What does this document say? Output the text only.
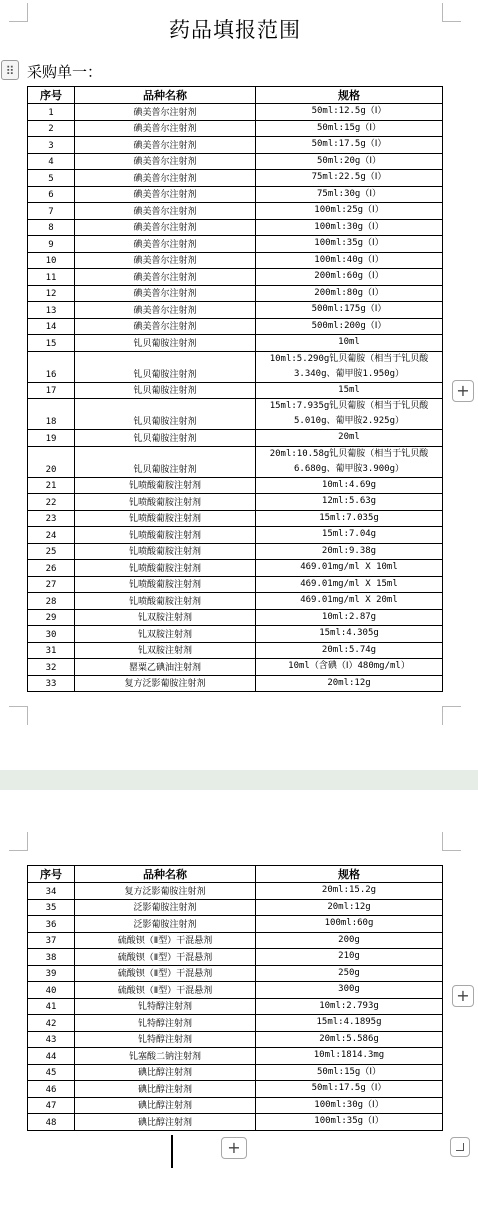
药品填报范围
⠿ 采购单一：
序号	品种名称	规格
1	碘美普尔注射剂	50ml:12.5g（Ⅰ）
2	碘美普尔注射剂	50ml:15g（Ⅰ）
3	碘美普尔注射剂	50ml:17.5g（Ⅰ）
4	碘美普尔注射剂	50ml:20g（Ⅰ）
5	碘美普尔注射剂	75ml:22.5g（Ⅰ）
6	碘美普尔注射剂	75ml:30g（Ⅰ）
7	碘美普尔注射剂	100ml:25g（Ⅰ）
8	碘美普尔注射剂	100ml:30g（Ⅰ）
9	碘美普尔注射剂	100ml:35g（Ⅰ）
10	碘美普尔注射剂	100ml:40g（Ⅰ）
11	碘美普尔注射剂	200ml:60g（Ⅰ）
12	碘美普尔注射剂	200ml:80g（Ⅰ）
13	碘美普尔注射剂	500ml:175g（Ⅰ）
14	碘美普尔注射剂	500ml:200g（Ⅰ）
15	钆贝葡胺注射剂	10ml
16	钆贝葡胺注射剂	10ml:5.290g钆贝葡胺（相当于钆贝酸3.340g、葡甲胺1.950g）
17	钆贝葡胺注射剂	15ml
18	钆贝葡胺注射剂	15ml:7.935g钆贝葡胺（相当于钆贝酸5.010g、葡甲胺2.925g）
19	钆贝葡胺注射剂	20ml
20	钆贝葡胺注射剂	20ml:10.58g钆贝葡胺（相当于钆贝酸6.680g、葡甲胺3.900g）
21	钆喷酸葡胺注射剂	10ml:4.69g
22	钆喷酸葡胺注射剂	12ml:5.63g
23	钆喷酸葡胺注射剂	15ml:7.035g
24	钆喷酸葡胺注射剂	15ml:7.04g
25	钆喷酸葡胺注射剂	20ml:9.38g
26	钆喷酸葡胺注射剂	469.01mg/ml X 10ml
27	钆喷酸葡胺注射剂	469.01mg/ml X 15ml
28	钆喷酸葡胺注射剂	469.01mg/ml X 20ml
29	钆双胺注射剂	10ml:2.87g
30	钆双胺注射剂	15ml:4.305g
31	钆双胺注射剂	20ml:5.74g
32	罂粟乙碘油注射剂	10ml（含碘（Ⅰ）480mg/ml）
33	复方泛影葡胺注射剂	20ml:12g
+
序号	品种名称	规格
34	复方泛影葡胺注射剂	20ml:15.2g
35	泛影葡胺注射剂	20ml:12g
36	泛影葡胺注射剂	100ml:60g
37	硫酸钡（Ⅱ型）干混悬剂	200g
38	硫酸钡（Ⅱ型）干混悬剂	210g
39	硫酸钡（Ⅱ型）干混悬剂	250g
40	硫酸钡（Ⅱ型）干混悬剂	300g
41	钆特醇注射剂	10ml:2.793g
42	钆特醇注射剂	15ml:4.1895g
43	钆特醇注射剂	20ml:5.586g
44	钆塞酸二钠注射剂	10ml:1814.3mg
45	碘比醇注射剂	50ml:15g（Ⅰ）
46	碘比醇注射剂	50ml:17.5g（Ⅰ）
47	碘比醇注射剂	100ml:30g（Ⅰ）
48	碘比醇注射剂	100ml:35g（Ⅰ）
+
+
